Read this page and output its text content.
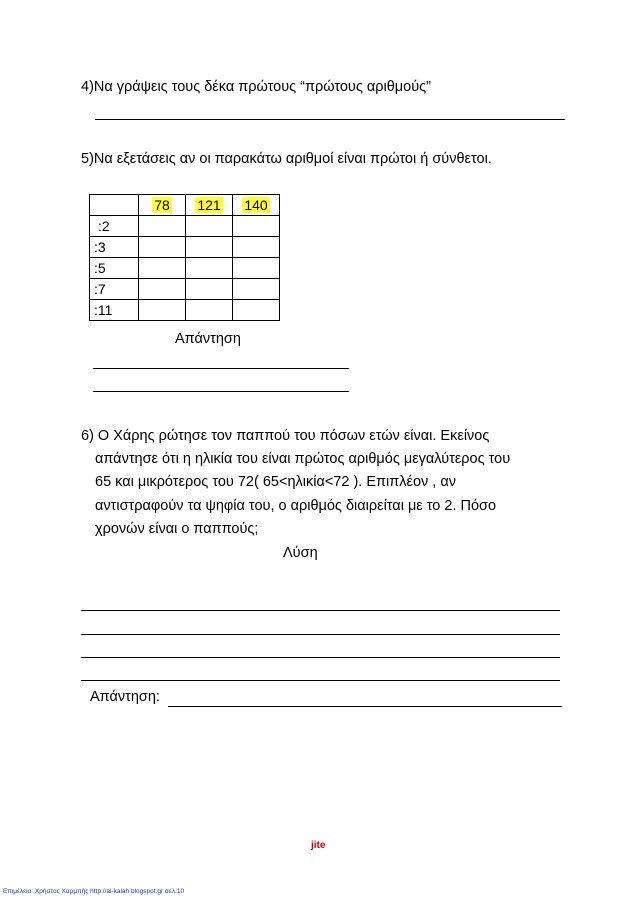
4)Να γράψεις τους δέκα πρώτους “πρώτους αριθμούς”
5)Να εξετάσεις αν οι παρακάτω αριθμοί είναι πρώτοι ή σύνθετοι.
	78	121	140
:2			
:3			
:5			
:7			
:11			
Απάντηση
6) Ο Χάρης ρώτησε τον παππού του πόσων ετών είναι. Εκείνος
απάντησε ότι η ηλικία του είναι πρώτος αριθμός μεγαλύτερος του
65 και μικρότερος του 72( 65<ηλικία<72 ). Επιπλέον , αν
αντιστραφούν τα ψηφία του, ο αριθμός διαιρείται με το 2. Πόσο
χρονών είναι ο παππούς;
Λύση
Απάντηση:
jite
Επιμέλεια: Χρήστος Χαρμπής http://al-kalah.blogspot.gr σελ.10
